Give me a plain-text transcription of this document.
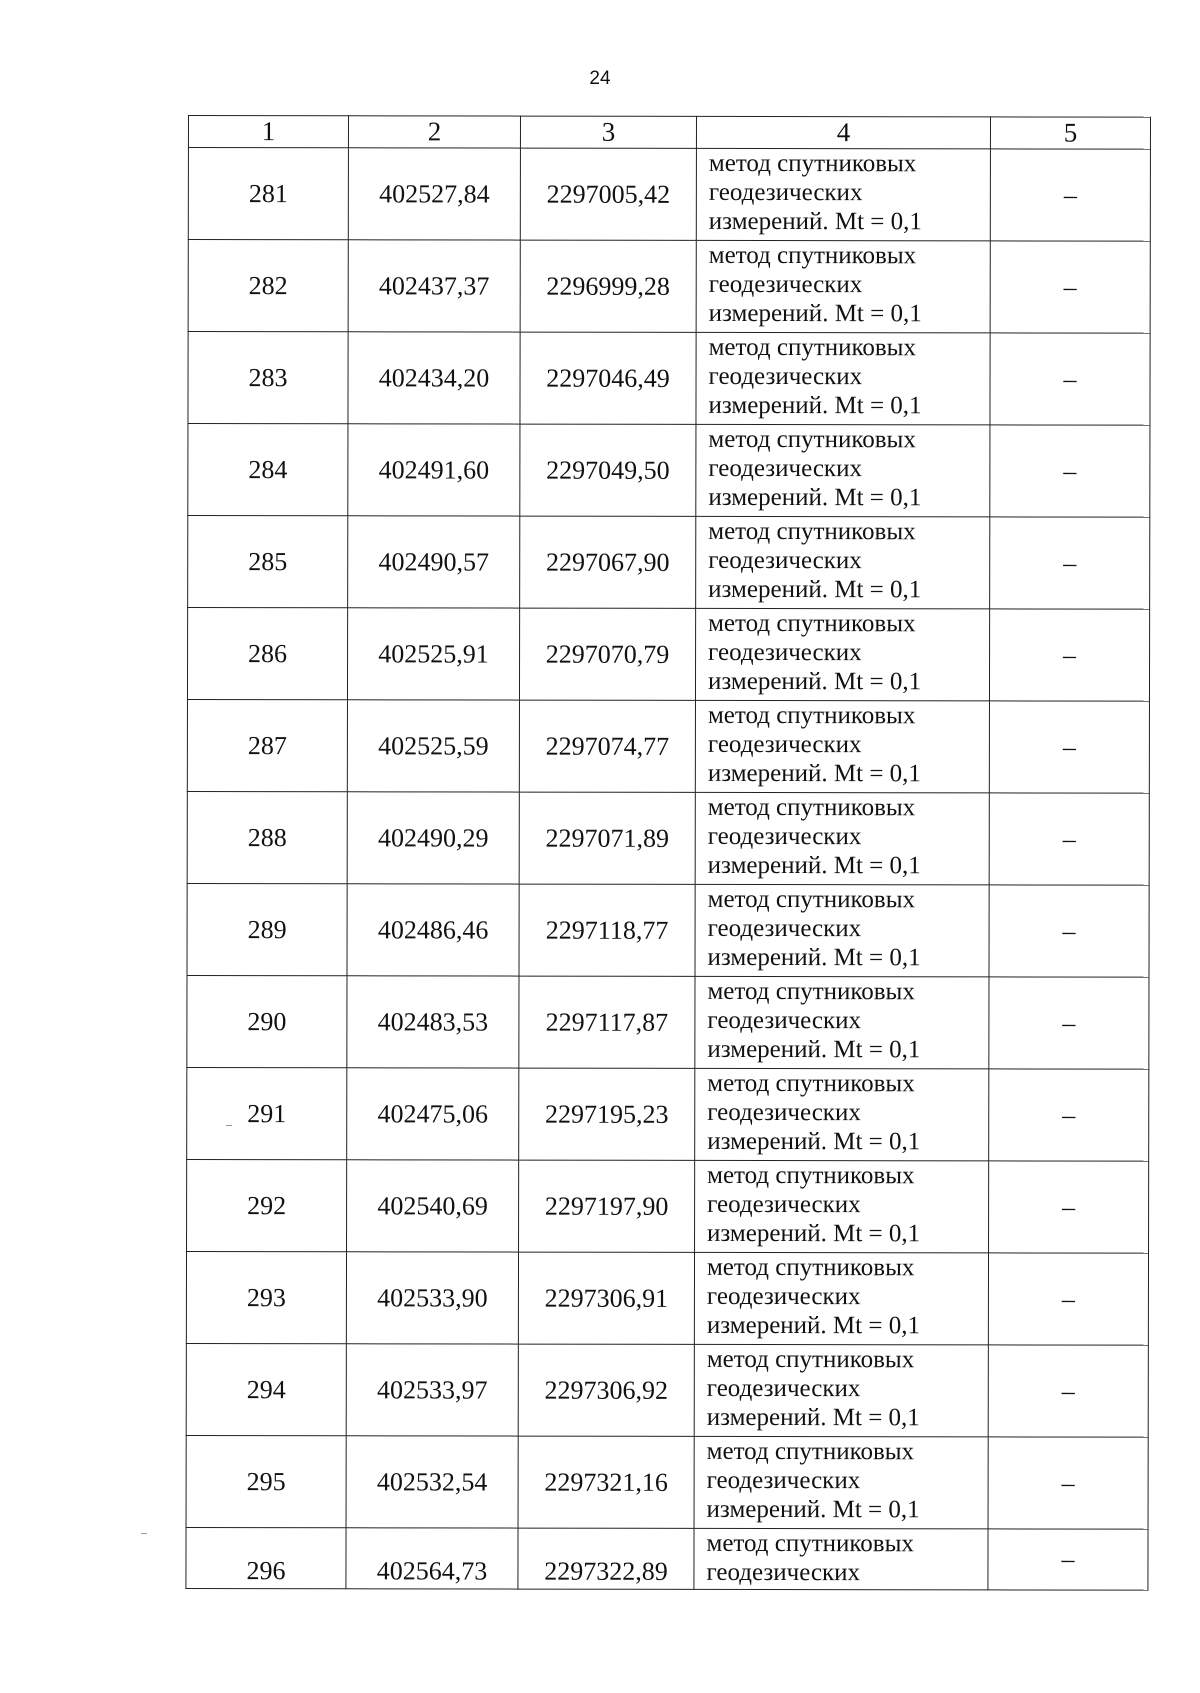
24
1	2	3	4	5
281	402527,84	2297005,42	метод спутниковых
геодезических
измерений. Mt = 0,1	–
282	402437,37	2296999,28	метод спутниковых
геодезических
измерений. Mt = 0,1	–
283	402434,20	2297046,49	метод спутниковых
геодезических
измерений. Mt = 0,1	–
284	402491,60	2297049,50	метод спутниковых
геодезических
измерений. Mt = 0,1	–
285	402490,57	2297067,90	метод спутниковых
геодезических
измерений. Mt = 0,1	–
286	402525,91	2297070,79	метод спутниковых
геодезических
измерений. Mt = 0,1	–
287	402525,59	2297074,77	метод спутниковых
геодезических
измерений. Mt = 0,1	–
288	402490,29	2297071,89	метод спутниковых
геодезических
измерений. Mt = 0,1	–
289	402486,46	2297118,77	метод спутниковых
геодезических
измерений. Mt = 0,1	–
290	402483,53	2297117,87	метод спутниковых
геодезических
измерений. Mt = 0,1	–
291	402475,06	2297195,23	метод спутниковых
геодезических
измерений. Mt = 0,1	–
292	402540,69	2297197,90	метод спутниковых
геодезических
измерений. Mt = 0,1	–
293	402533,90	2297306,91	метод спутниковых
геодезических
измерений. Mt = 0,1	–
294	402533,97	2297306,92	метод спутниковых
геодезических
измерений. Mt = 0,1	–
295	402532,54	2297321,16	метод спутниковых
геодезических
измерений. Mt = 0,1	–
296	402564,73	2297322,89	метод спутниковых
геодезических	–
